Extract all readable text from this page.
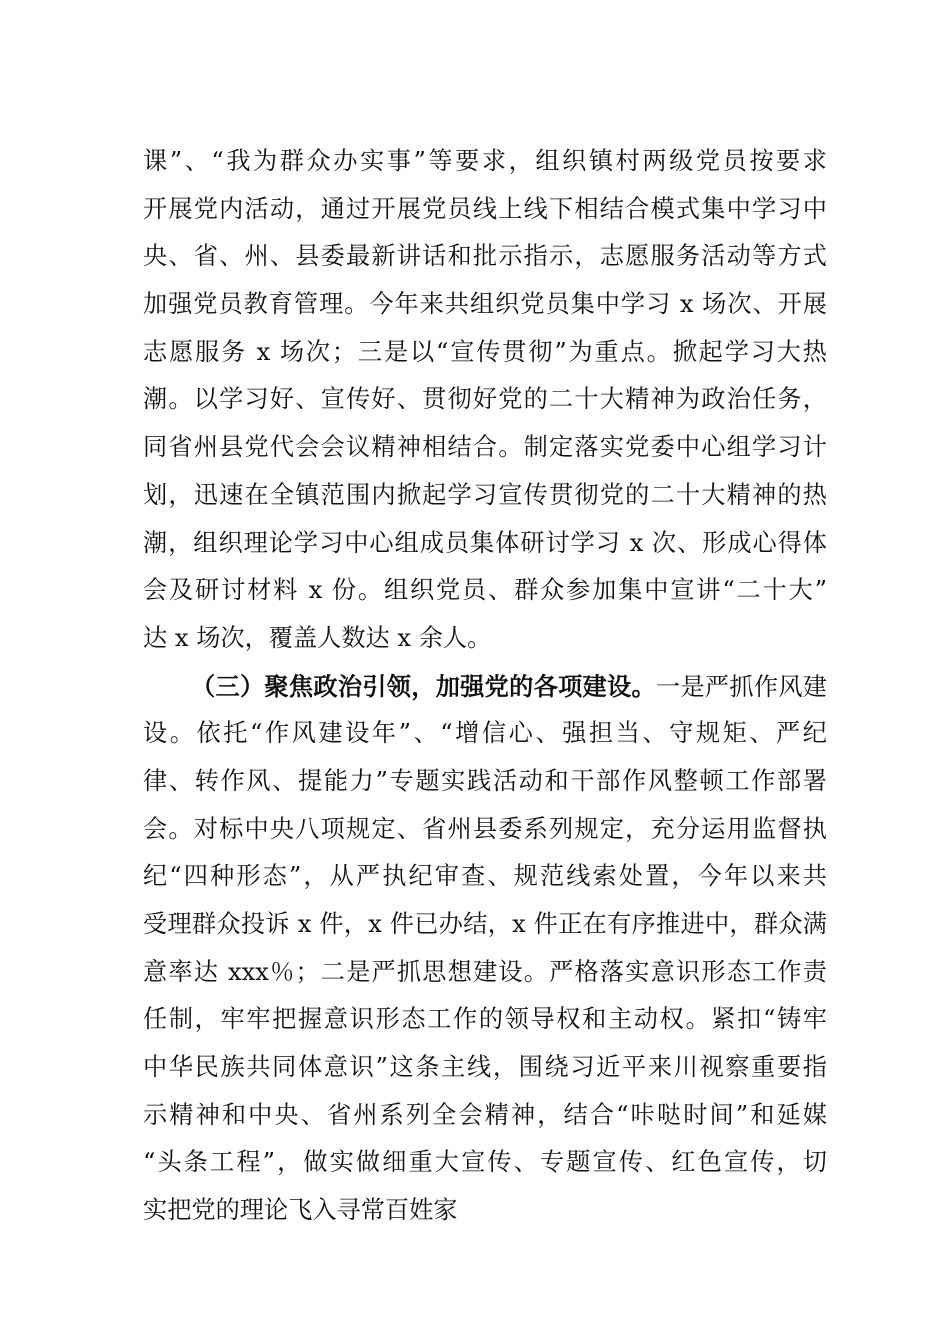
课”、“我为群众办实事”等要求，组织镇村两级党员按要求
开展党内活动，通过开展党员线上线下相结合模式集中学习中
央、省、州、县委最新讲话和批示指示，志愿服务活动等方式
加强党员教育管理。今年来共组织党员集中学习 x 场次、开展
志愿服务 x 场次；三是以“宣传贯彻”为重点。掀起学习大热
潮。以学习好、宣传好、贯彻好党的二十大精神为政治任务，
同省州县党代会会议精神相结合。制定落实党委中心组学习计
划，迅速在全镇范围内掀起学习宣传贯彻党的二十大精神的热
潮，组织理论学习中心组成员集体研讨学习 x 次、形成心得体
会及研讨材料 x 份。组织党员、群众参加集中宣讲“二十大”
达 x 场次，覆盖人数达 x 余人。
（三）聚焦政治引领，加强党的各项建设。一是严抓作风建
设。依托“作风建设年”、“增信心、强担当、守规矩、严纪
律、转作风、提能力”专题实践活动和干部作风整顿工作部署
会。对标中央八项规定、省州县委系列规定，充分运用监督执
纪“四种形态”，从严执纪审查、规范线索处置，今年以来共
受理群众投诉 x 件，x 件已办结，x 件正在有序推进中，群众满
意率达 xxx％；二是严抓思想建设。严格落实意识形态工作责
任制，牢牢把握意识形态工作的领导权和主动权。紧扣“铸牢
中华民族共同体意识”这条主线，围绕习近平来川视察重要指
示精神和中央、省州系列全会精神，结合“咔哒时间”和延媒
“头条工程”，做实做细重大宣传、专题宣传、红色宣传，切
实把党的理论飞入寻常百姓家
